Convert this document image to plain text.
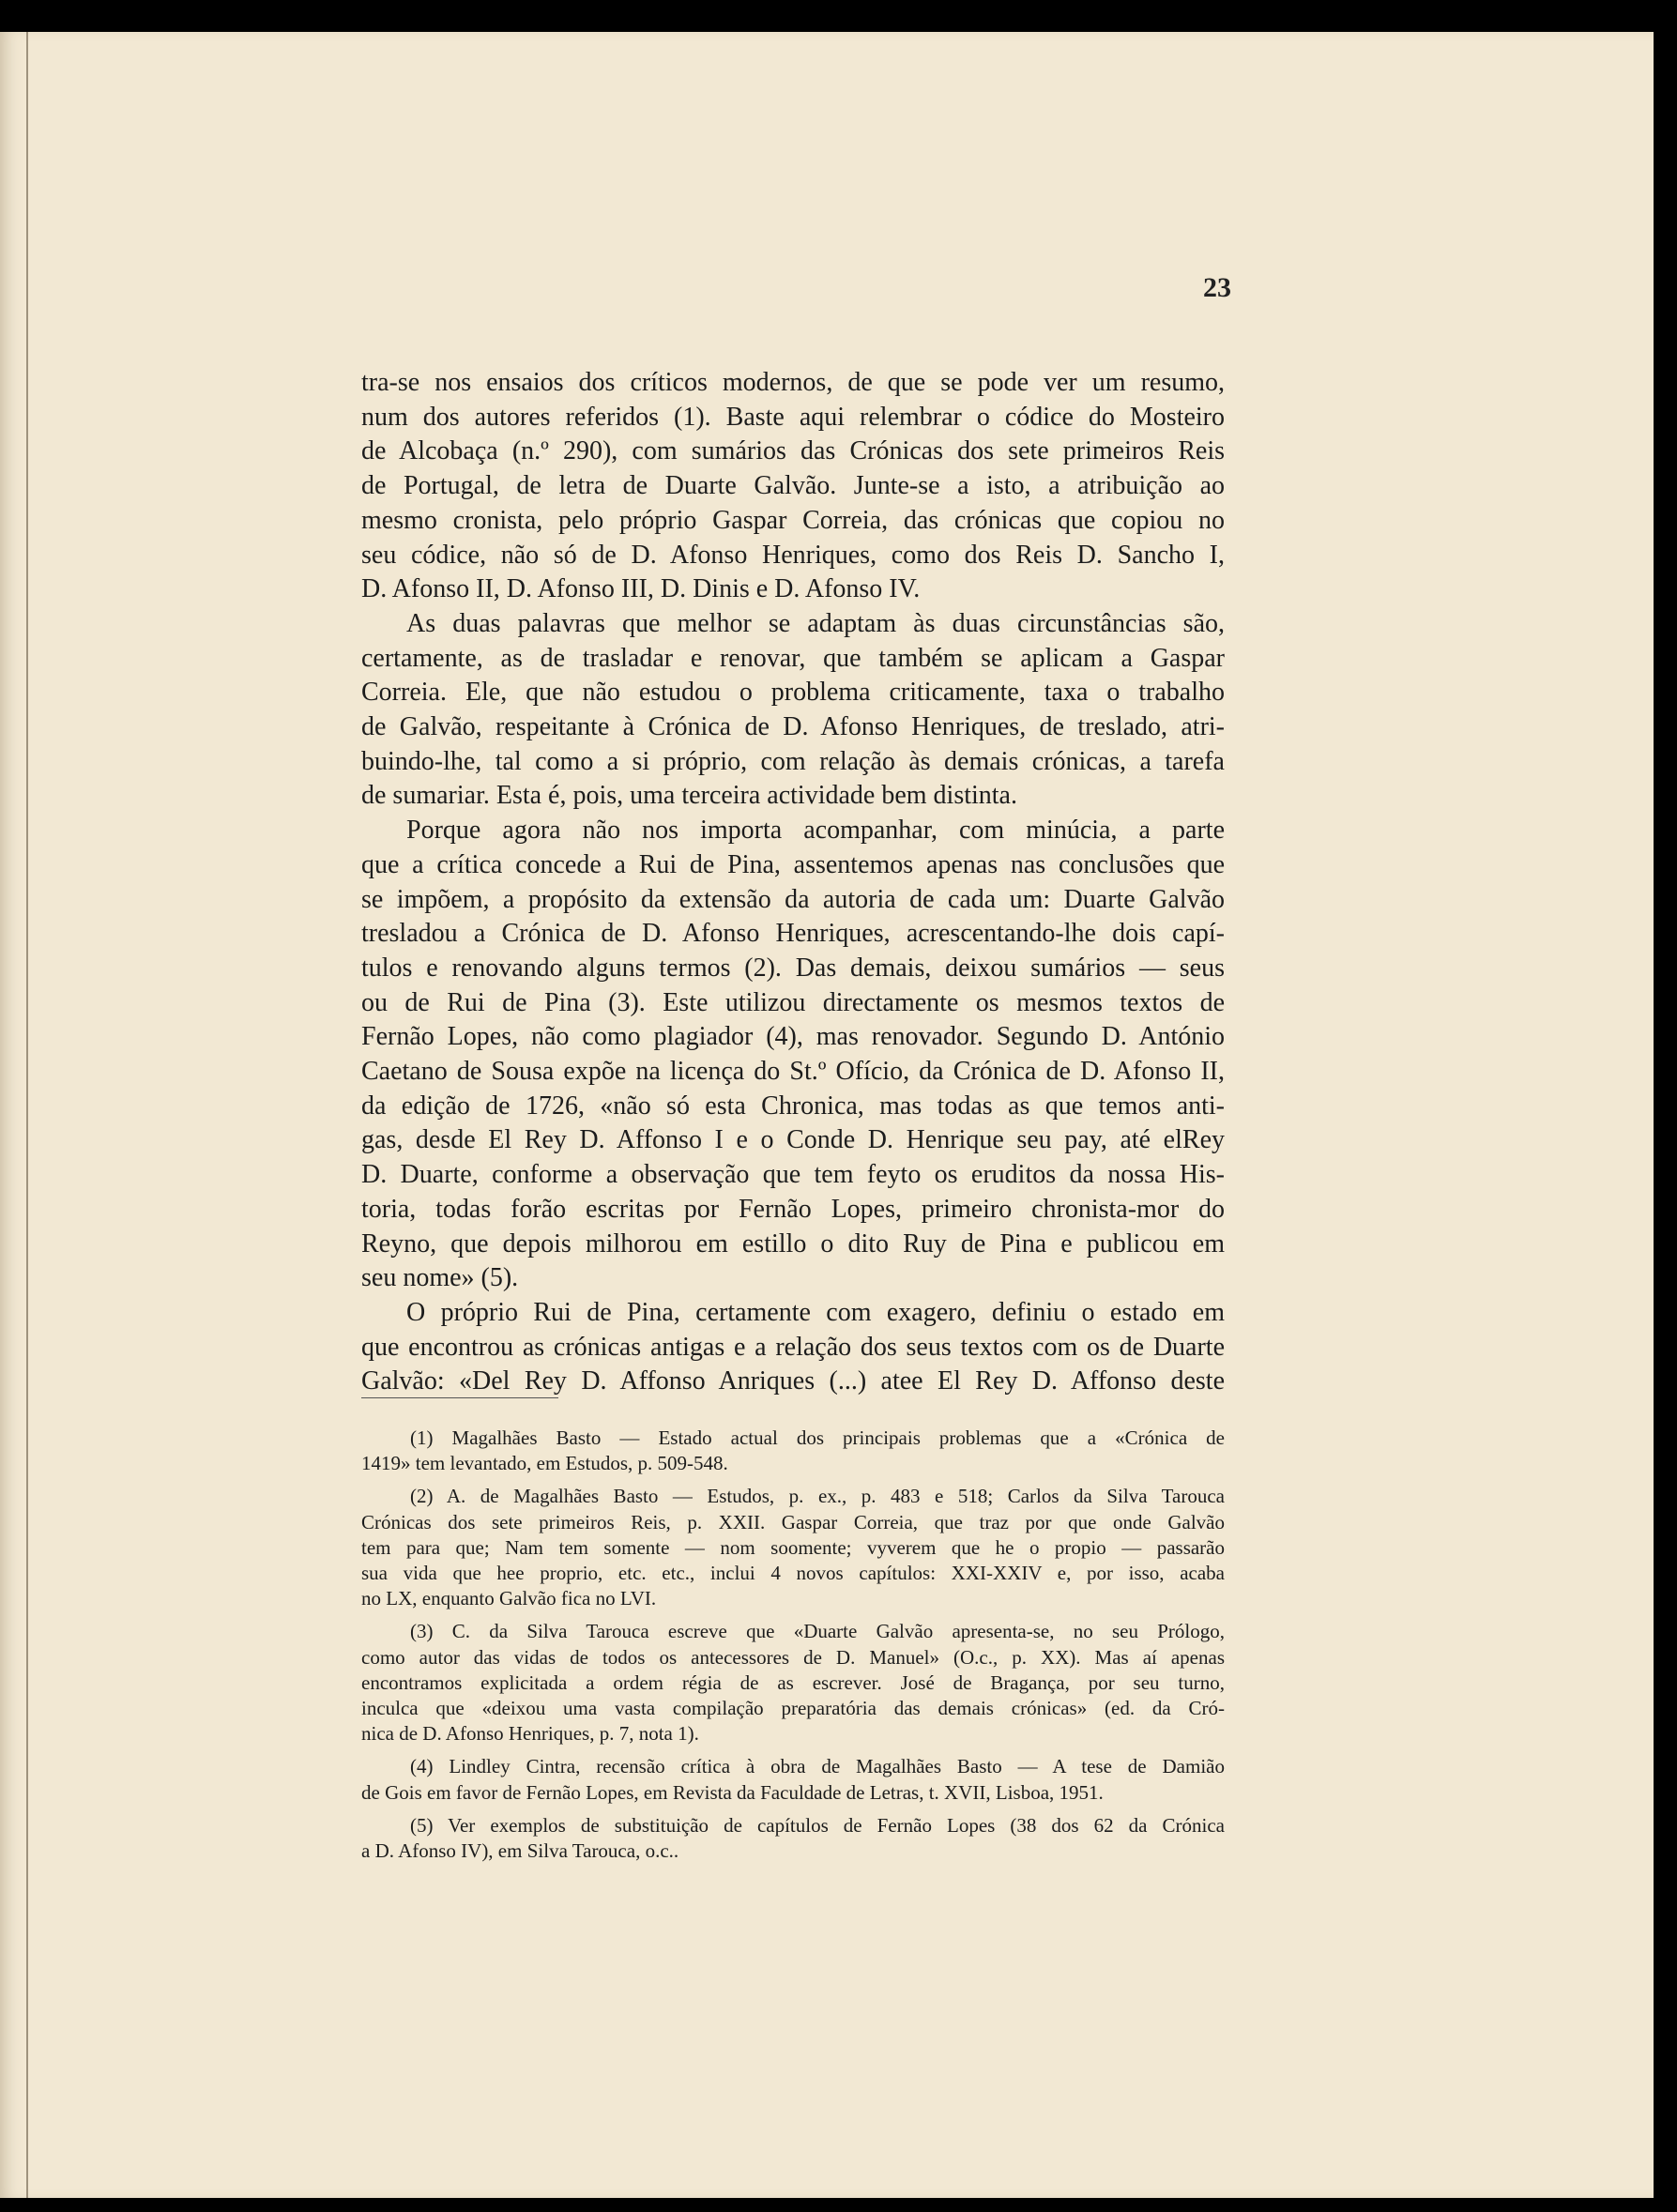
23
tra-se nos ensaios dos críticos modernos, de que se pode ver um resumo,
num dos autores referidos (1). Baste aqui relembrar o códice do Mosteiro
de Alcobaça (n.º 290), com sumários das Crónicas dos sete primeiros Reis
de Portugal, de letra de Duarte Galvão. Junte-se a isto, a atribuição ao
mesmo cronista, pelo próprio Gaspar Correia, das crónicas que copiou no
seu códice, não só de D. Afonso Henriques, como dos Reis D. Sancho I,
D. Afonso II, D. Afonso III, D. Dinis e D. Afonso IV.
As duas palavras que melhor se adaptam às duas circunstâncias são,
certamente, as de trasladar e renovar, que também se aplicam a Gaspar
Correia. Ele, que não estudou o problema criticamente, taxa o trabalho
de Galvão, respeitante à Crónica de D. Afonso Henriques, de treslado, atri-
buindo-lhe, tal como a si próprio, com relação às demais crónicas, a tarefa
de sumariar. Esta é, pois, uma terceira actividade bem distinta.
Porque agora não nos importa acompanhar, com minúcia, a parte
que a crítica concede a Rui de Pina, assentemos apenas nas conclusões que
se impõem, a propósito da extensão da autoria de cada um: Duarte Galvão
tresladou a Crónica de D. Afonso Henriques, acrescentando-lhe dois capí-
tulos e renovando alguns termos (2). Das demais, deixou sumários — seus
ou de Rui de Pina (3). Este utilizou directamente os mesmos textos de
Fernão Lopes, não como plagiador (4), mas renovador. Segundo D. António
Caetano de Sousa expõe na licença do St.º Ofício, da Crónica de D. Afonso II,
da edição de 1726, «não só esta Chronica, mas todas as que temos anti-
gas, desde El Rey D. Affonso I e o Conde D. Henrique seu pay, até elRey
D. Duarte, conforme a observação que tem feyto os eruditos da nossa His-
toria, todas forão escritas por Fernão Lopes, primeiro chronista-mor do
Reyno, que depois milhorou em estillo o dito Ruy de Pina e publicou em
seu nome» (5).
O próprio Rui de Pina, certamente com exagero, definiu o estado em
que encontrou as crónicas antigas e a relação dos seus textos com os de Duarte
Galvão: «Del Rey D. Affonso Anriques (...) atee El Rey D. Affonso deste
(1) Magalhães Basto — Estado actual dos principais problemas que a «Crónica de
1419» tem levantado, em Estudos, p. 509-548.
(2) A. de Magalhães Basto — Estudos, p. ex., p. 483 e 518; Carlos da Silva Tarouca
Crónicas dos sete primeiros Reis, p. XXII. Gaspar Correia, que traz por que onde Galvão
tem para que; Nam tem somente — nom soomente; vyverem que he o propio — passarão
sua vida que hee proprio, etc. etc., inclui 4 novos capítulos: XXI-XXIV e, por isso, acaba
no LX, enquanto Galvão fica no LVI.
(3) C. da Silva Tarouca escreve que «Duarte Galvão apresenta-se, no seu Prólogo,
como autor das vidas de todos os antecessores de D. Manuel» (O.c., p. XX). Mas aí apenas
encontramos explicitada a ordem régia de as escrever. José de Bragança, por seu turno,
inculca que «deixou uma vasta compilação preparatória das demais crónicas» (ed. da Cró-
nica de D. Afonso Henriques, p. 7, nota 1).
(4) Lindley Cintra, recensão crítica à obra de Magalhães Basto — A tese de Damião
de Gois em favor de Fernão Lopes, em Revista da Faculdade de Letras, t. XVII, Lisboa, 1951.
(5) Ver exemplos de substituição de capítulos de Fernão Lopes (38 dos 62 da Crónica
a D. Afonso IV), em Silva Tarouca, o.c..
